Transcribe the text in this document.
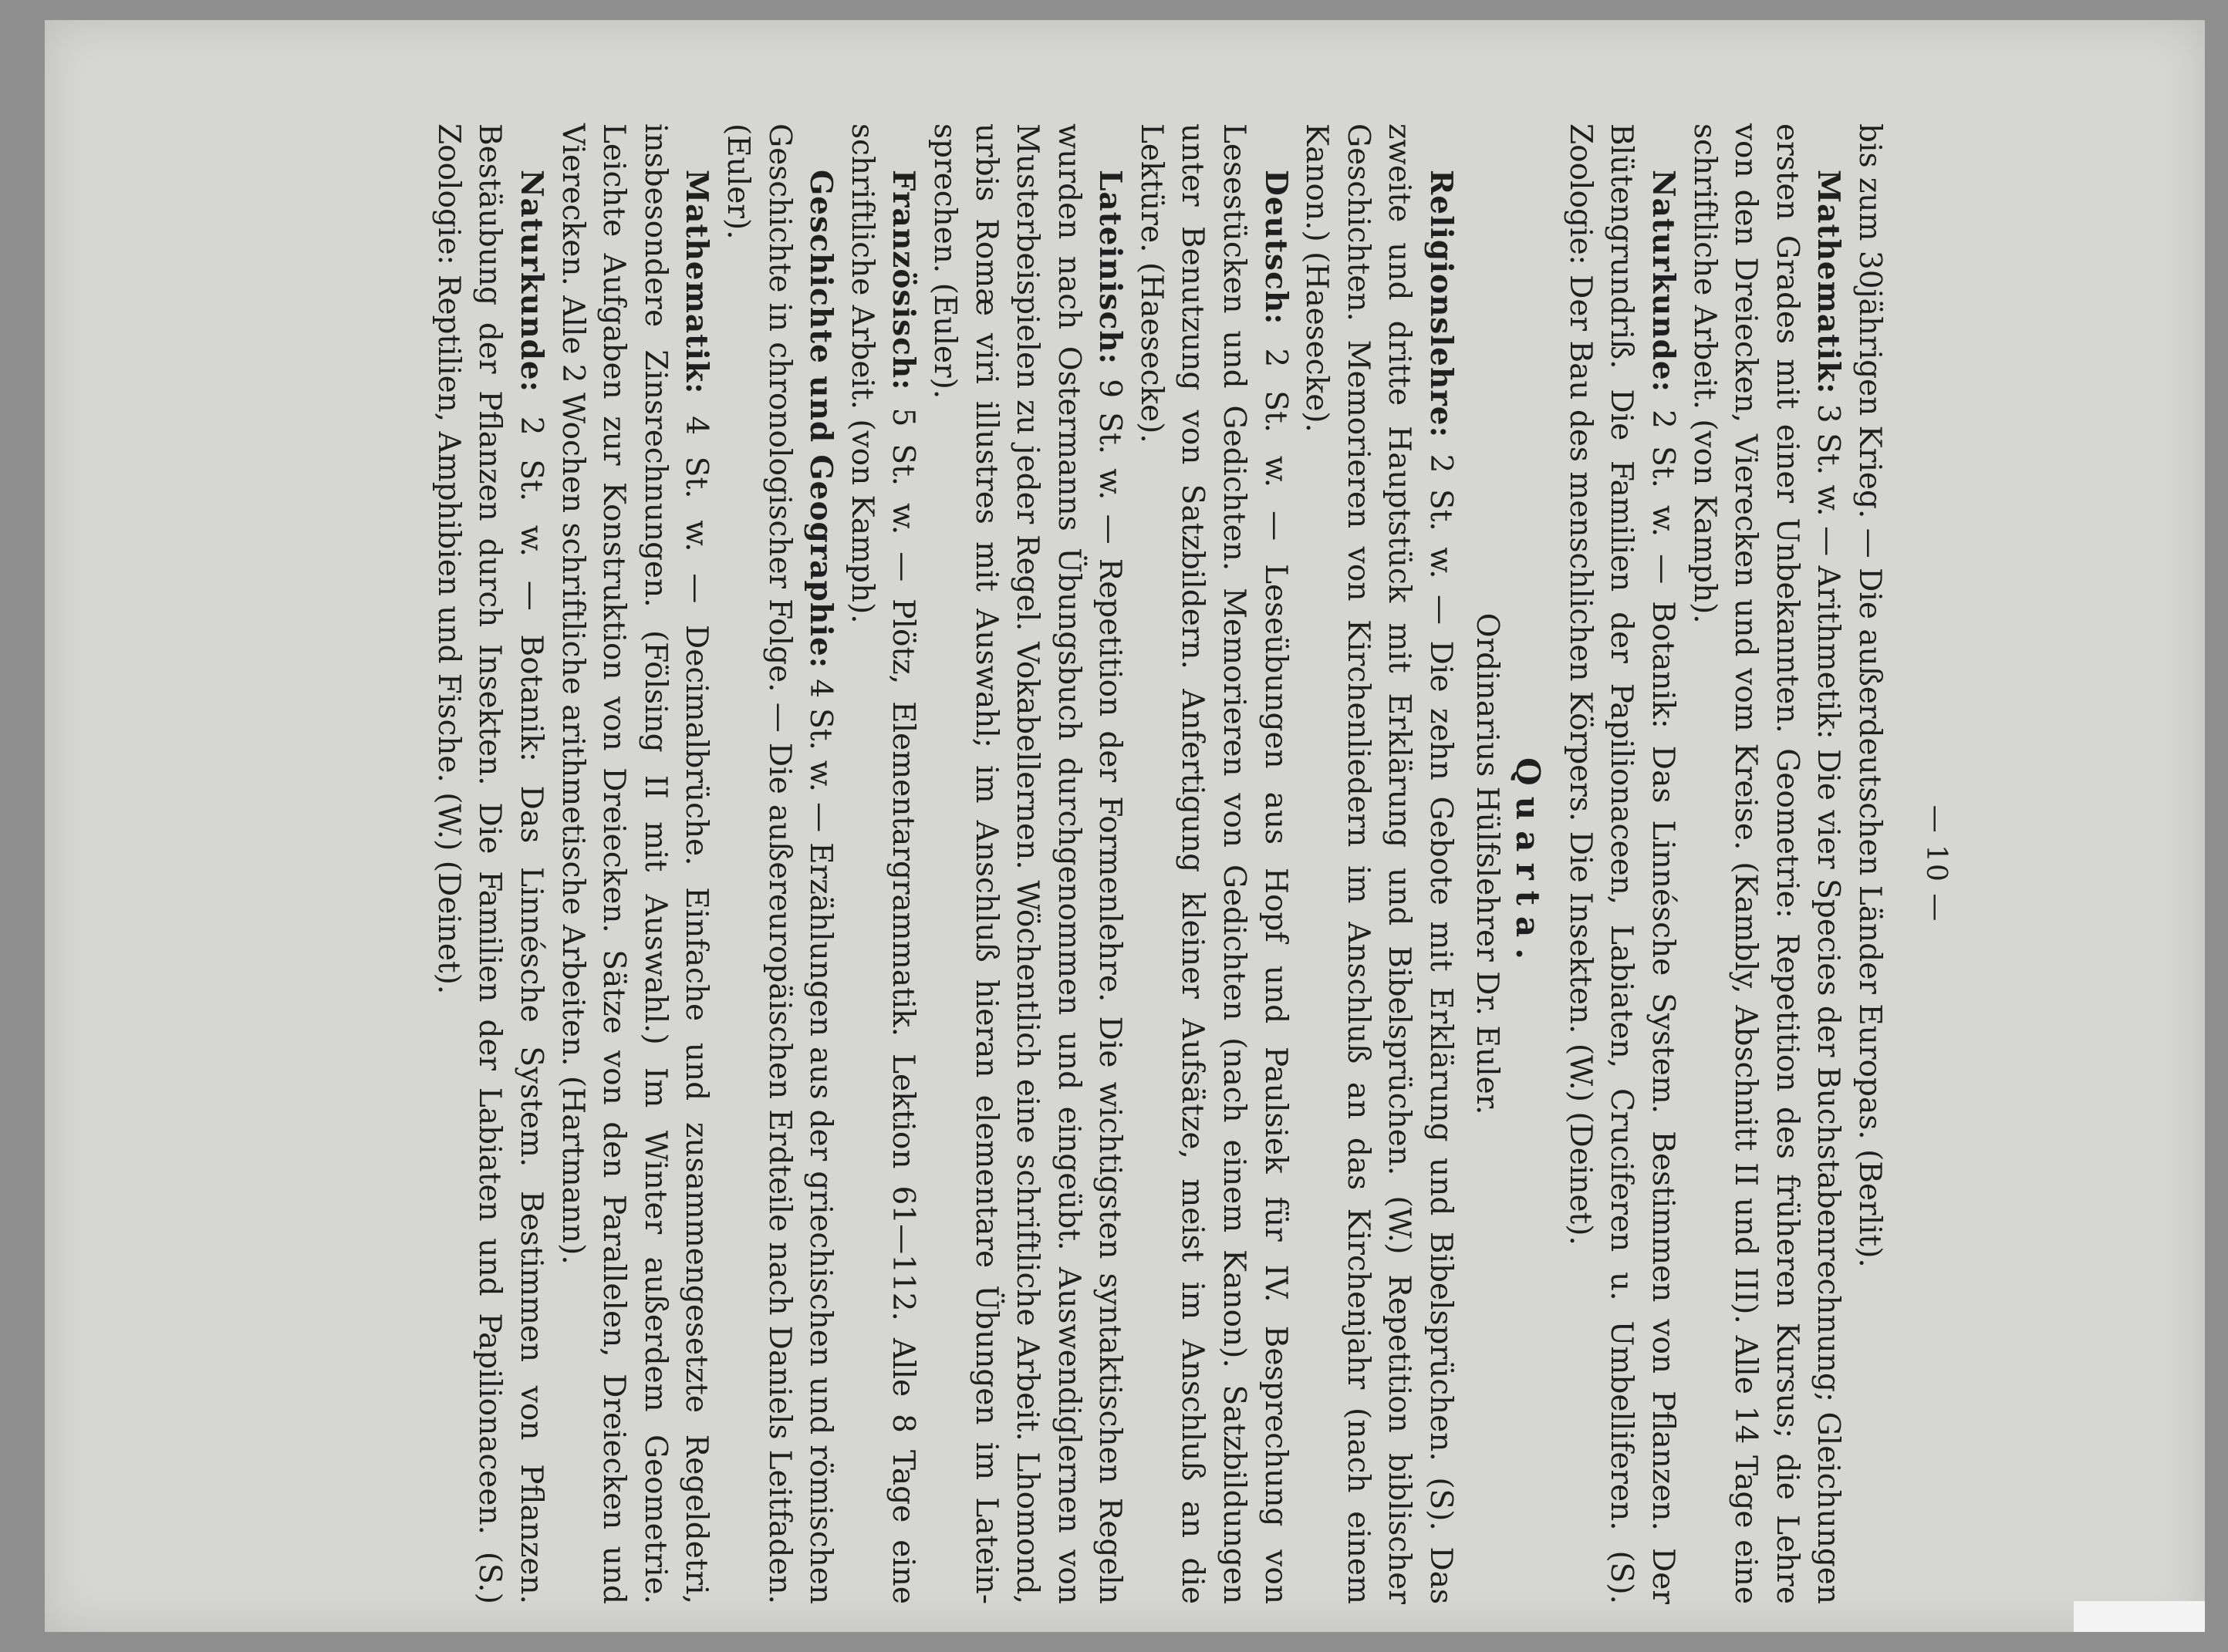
— 10 —

bis zum 30jährigen Krieg. — Die außerdeutschen Länder Europas. (Berlit).

Mathematik: 3 St. w. — Arithmetik: Die vier Species der Buchstabenrechnung; Gleichungen ersten Grades mit einer Unbekannten. Geometrie: Repetition des früheren Kursus; die Lehre von den Dreiecken, Vierecken und vom Kreise. (Kambly, Abschnitt II und III). Alle 14 Tage eine schriftliche Arbeit. (von Kamph).

Naturkunde: 2 St. w. — Botanik: Das Linnésche System. Bestimmen von Pflanzen. Der Blütengrundriß. Die Familien der Papilionaceen, Labiaten, Cruciferen u. Umbelliferen. (S). Zoologie: Der Bau des menschlichen Körpers. Die Insekten. (W.) (Deinet).

Quarta.
Ordinarius Hülfslehrer Dr. Euler.

Religionslehre: 2 St. w. — Die zehn Gebote mit Erklärung und Bibelsprüchen. (S). Das zweite und dritte Hauptstück mit Erklärung und Bibelsprüchen. (W.) Repetition biblischer Geschichten. Memorieren von Kirchenliedern im Anschluß an das Kirchenjahr (nach einem Kanon.) (Haesecke).

Deutsch: 2 St. w. — Leseübungen aus Hopf und Paulsiek für IV. Besprechung von Lesestücken und Gedichten. Memorieren von Gedichten (nach einem Kanon). Satzbildungen unter Benutzung von Satzbildern. Anfertigung kleiner Aufsätze, meist im Anschluß an die Lektüre. (Haesecke).

Lateinisch: 9 St. w. — Repetition der Formenlehre. Die wichtigsten syntaktischen Regeln wurden nach Ostermanns Übungsbuch durchgenommen und eingeübt. Auswendiglernen von Musterbeispielen zu jeder Regel. Vokabellernen. Wöchentlich eine schriftliche Arbeit. Lhomond, urbis Romæ viri illustres mit Auswahl; im Anschluß hieran elementare Übungen im Latein-sprechen. (Euler).

Französisch: 5 St. w. — Plötz, Elementargrammatik. Lektion 61—112. Alle 8 Tage eine schriftliche Arbeit. (von Kamph).

Geschichte und Geographie: 4 St. w. — Erzählungen aus der griechischen und römischen Geschichte in chronologischer Folge. — Die außereuropäischen Erdteile nach Daniels Leitfaden. (Euler).

Mathematik: 4 St. w. — Decimalbrüche. Einfache und zusammengesetzte Regeldetri, insbesondere Zinsrechnungen. (Fölsing II mit Auswahl.) Im Winter außerdem Geometrie. Leichte Aufgaben zur Konstruktion von Dreiecken. Sätze von den Parallelen, Dreiecken und Vierecken. Alle 2 Wochen schriftliche arithmetische Arbeiten. (Hartmann).

Naturkunde: 2 St. w. — Botanik: Das Linnésche System. Bestimmen von Pflanzen. Bestäubung der Pflanzen durch Insekten. Die Familien der Labiaten und Papilionaceen. (S.) Zoologie: Reptilien, Amphibien und Fische. (W.) (Deinet).
